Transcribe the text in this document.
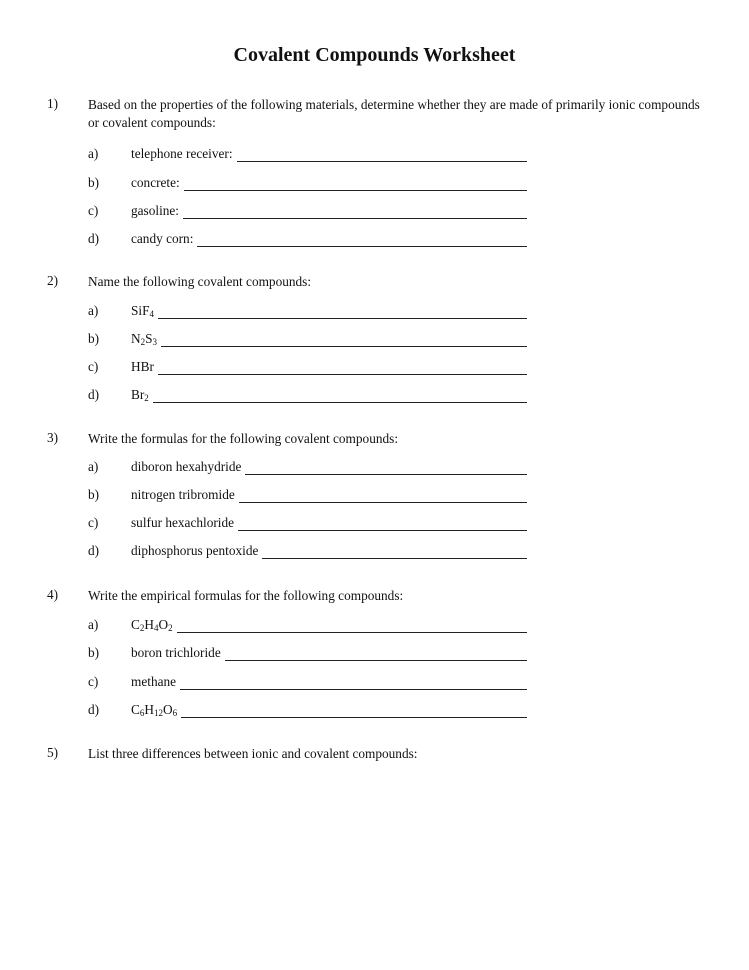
Covalent Compounds Worksheet
1) Based on the properties of the following materials, determine whether they are made of primarily ionic compounds or covalent compounds:
a)	telephone receiver:
b)	concrete:
c)	gasoline:
d)	candy corn:
2) Name the following covalent compounds:
a)	SiF$_4$
b)	$N_2S_3$
c)	HBr
d)	$Br_2$
3) Write the formulas for the following covalent compounds:
a)	diboron hexahydride
b)	nitrogen tribromide
c)	sulfur hexachloride
d)	diphosphorus pentoxide
4) Write the empirical formulas for the following compounds:
a)	$C_2H_4O_2$
b)	boron trichloride
c)	methane
d)	$C_6H_{12}O_6$
5) List three differences between ionic and covalent compounds:
